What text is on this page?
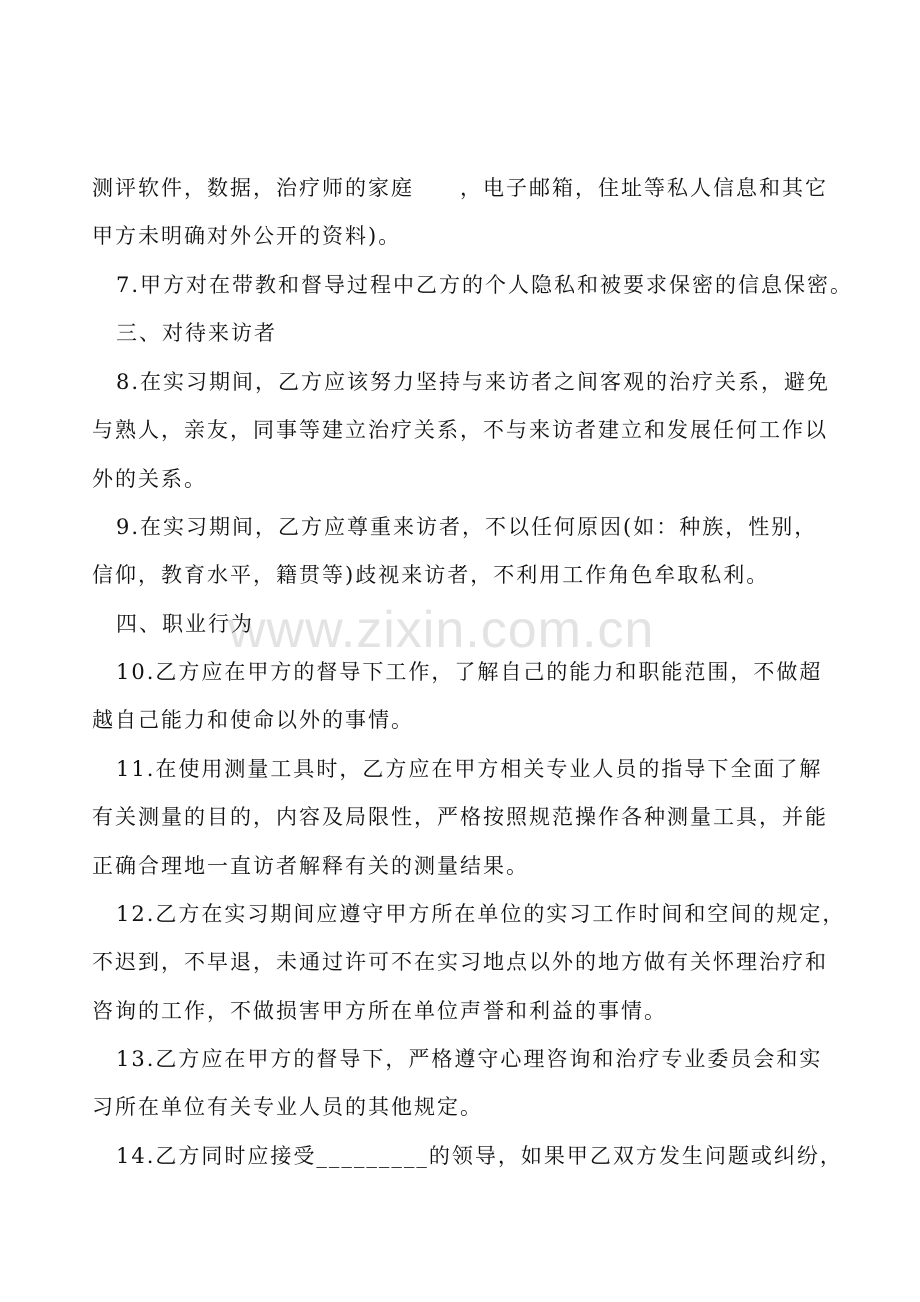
www.zixin.com.cn
测评软件，数据，治疗师的家庭　　，电子邮箱，住址等私人信息和其它
甲方未明确对外公开的资料)。
7.甲方对在带教和督导过程中乙方的个人隐私和被要求保密的信息保密。
三、对待来访者
8.在实习期间，乙方应该努力坚持与来访者之间客观的治疗关系，避免
与熟人，亲友，同事等建立治疗关系，不与来访者建立和发展任何工作以
外的关系。
9.在实习期间，乙方应尊重来访者，不以任何原因(如：种族，性别，
信仰，教育水平，籍贯等)歧视来访者，不利用工作角色牟取私利。
四、职业行为
10.乙方应在甲方的督导下工作，了解自己的能力和职能范围，不做超
越自己能力和使命以外的事情。
11.在使用测量工具时，乙方应在甲方相关专业人员的指导下全面了解
有关测量的目的，内容及局限性，严格按照规范操作各种测量工具，并能
正确合理地一直访者解释有关的测量结果。
12.乙方在实习期间应遵守甲方所在单位的实习工作时间和空间的规定，
不迟到，不早退，未通过许可不在实习地点以外的地方做有关怀理治疗和
咨询的工作，不做损害甲方所在单位声誉和利益的事情。
13.乙方应在甲方的督导下，严格遵守心理咨询和治疗专业委员会和实
习所在单位有关专业人员的其他规定。
14.乙方同时应接受_________的领导，如果甲乙双方发生问题或纠纷，
